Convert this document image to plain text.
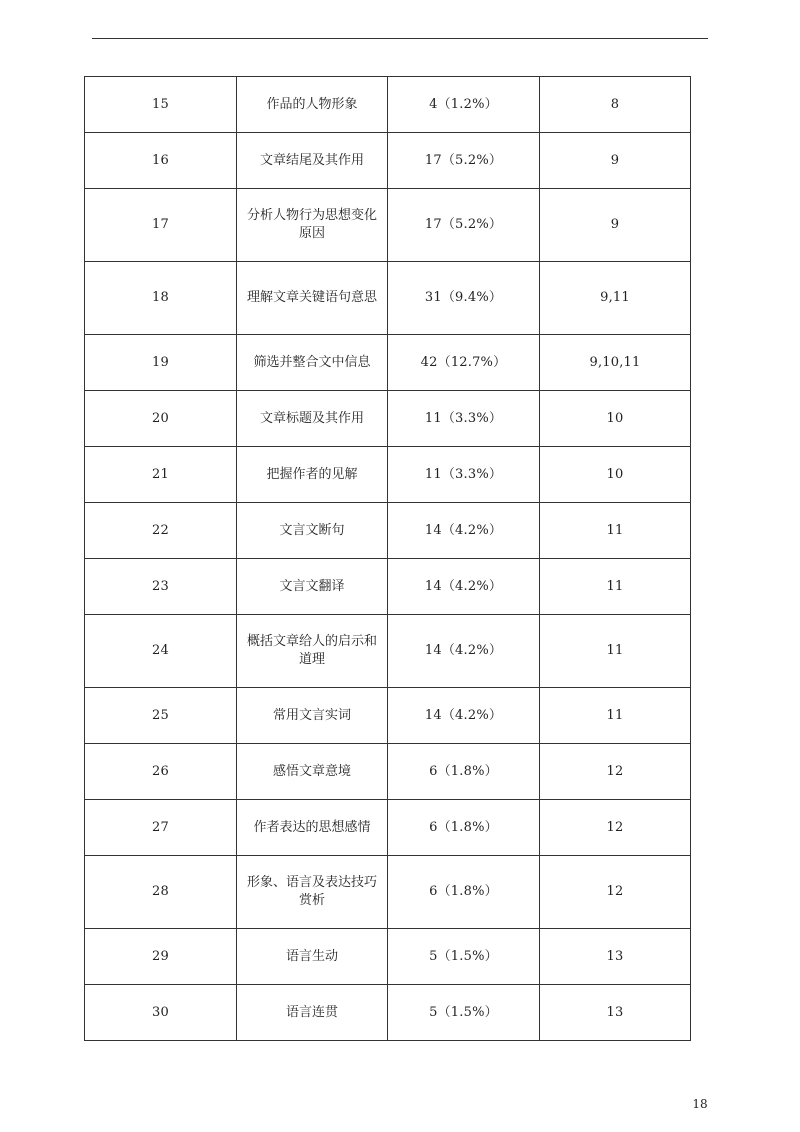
15	作品的人物形象	4（1.2%）	8
16	文章结尾及其作用	17（5.2%）	9
17	分析人物行为思想变化原因	17（5.2%）	9
18	理解文章关键语句意思	31（9.4%）	9,11
19	筛选并整合文中信息	42（12.7%）	9,10,11
20	文章标题及其作用	11（3.3%）	10
21	把握作者的见解	11（3.3%）	10
22	文言文断句	14（4.2%）	11
23	文言文翻译	14（4.2%）	11
24	概括文章给人的启示和道理	14（4.2%）	11
25	常用文言实词	14（4.2%）	11
26	感悟文章意境	6（1.8%）	12
27	作者表达的思想感情	6（1.8%）	12
28	形象、语言及表达技巧赏析	6（1.8%）	12
29	语言生动	5（1.5%）	13
30	语言连贯	5（1.5%）	13
18
